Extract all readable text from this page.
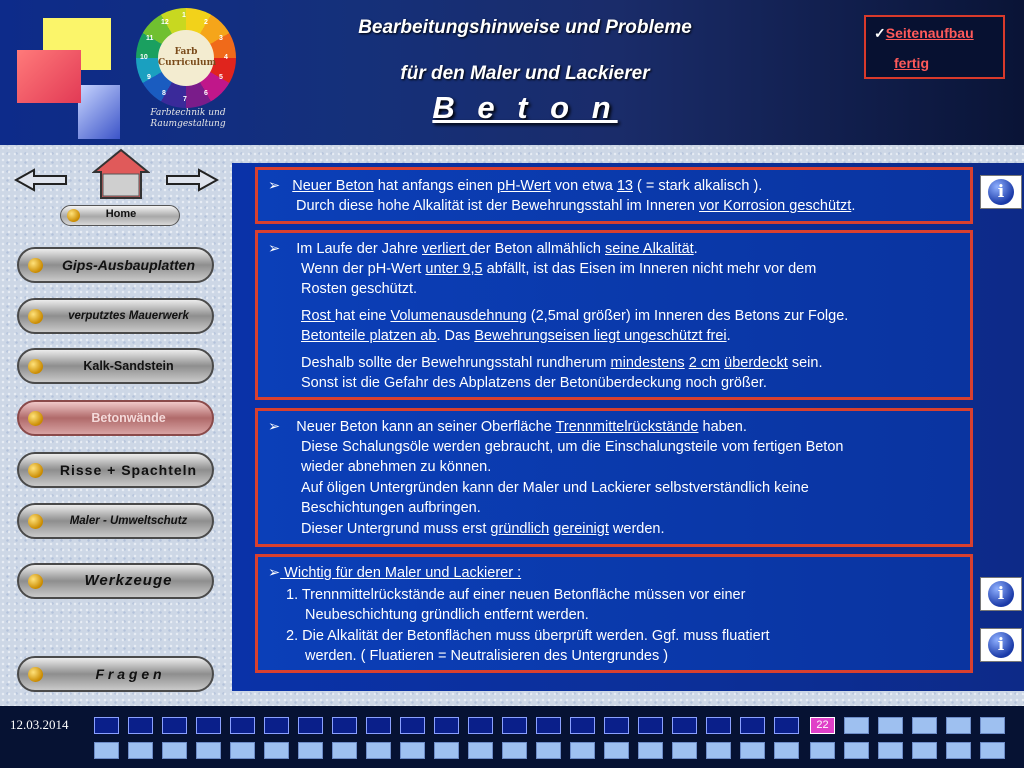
1
2
3
4
5
6
7
8
9
10
11
12
Farb
Curriculum
Farbtechnik und
Raumgestaltung
Bearbeitungshinweise und Probleme
für den Maler und Lackierer
B e t o n
✓Seitenaufbau
fertig
Home
Gips-Ausbauplatten
verputztes Mauerwerk
Kalk-Sandstein
Betonwände
Risse + Spachteln
Maler - Umweltschutz
Werkzeuge
F r a g e n
➢ Neuer Beton hat anfangs einen pH-Wert von etwa 13 ( = stark alkalisch ).
Durch diese hohe Alkalität ist der Bewehrungsstahl im Inneren vor Korrosion geschützt.
➢ Im Laufe der Jahre verliert der Beton allmählich seine Alkalität.
Wenn der pH-Wert unter 9,5 abfällt, ist das Eisen im Inneren nicht mehr vor dem
Rosten geschützt.
Rost hat eine Volumenausdehnung (2,5mal größer) im Inneren des Betons zur Folge.
Betonteile platzen ab. Das Bewehrungseisen liegt ungeschützt frei.
Deshalb sollte der Bewehrungsstahl rundherum mindestens 2 cm überdeckt sein.
Sonst ist die Gefahr des Abplatzens der Betonüberdeckung noch größer.
➢ Neuer Beton kann an seiner Oberfläche Trennmittelrückstände haben.
Diese Schalungsöle werden gebraucht, um die Einschalungsteile vom fertigen Beton
wieder abnehmen zu können.
Auf öligen Untergründen kann der Maler und Lackierer selbstverständlich keine
Beschichtungen aufbringen.
Dieser Untergrund muss erst gründlich gereinigt werden.
➢ Wichtig für den Maler und Lackierer :
1. Trennmittelrückstände auf einer neuen Betonfläche müssen vor einer
Neubeschichtung gründlich entfernt werden.
2. Die Alkalität der Betonflächen muss überprüft werden. Ggf. muss fluatiert
werden. ( Fluatieren = Neutralisieren des Untergrundes )
i
i
i
12.03.2014	22
